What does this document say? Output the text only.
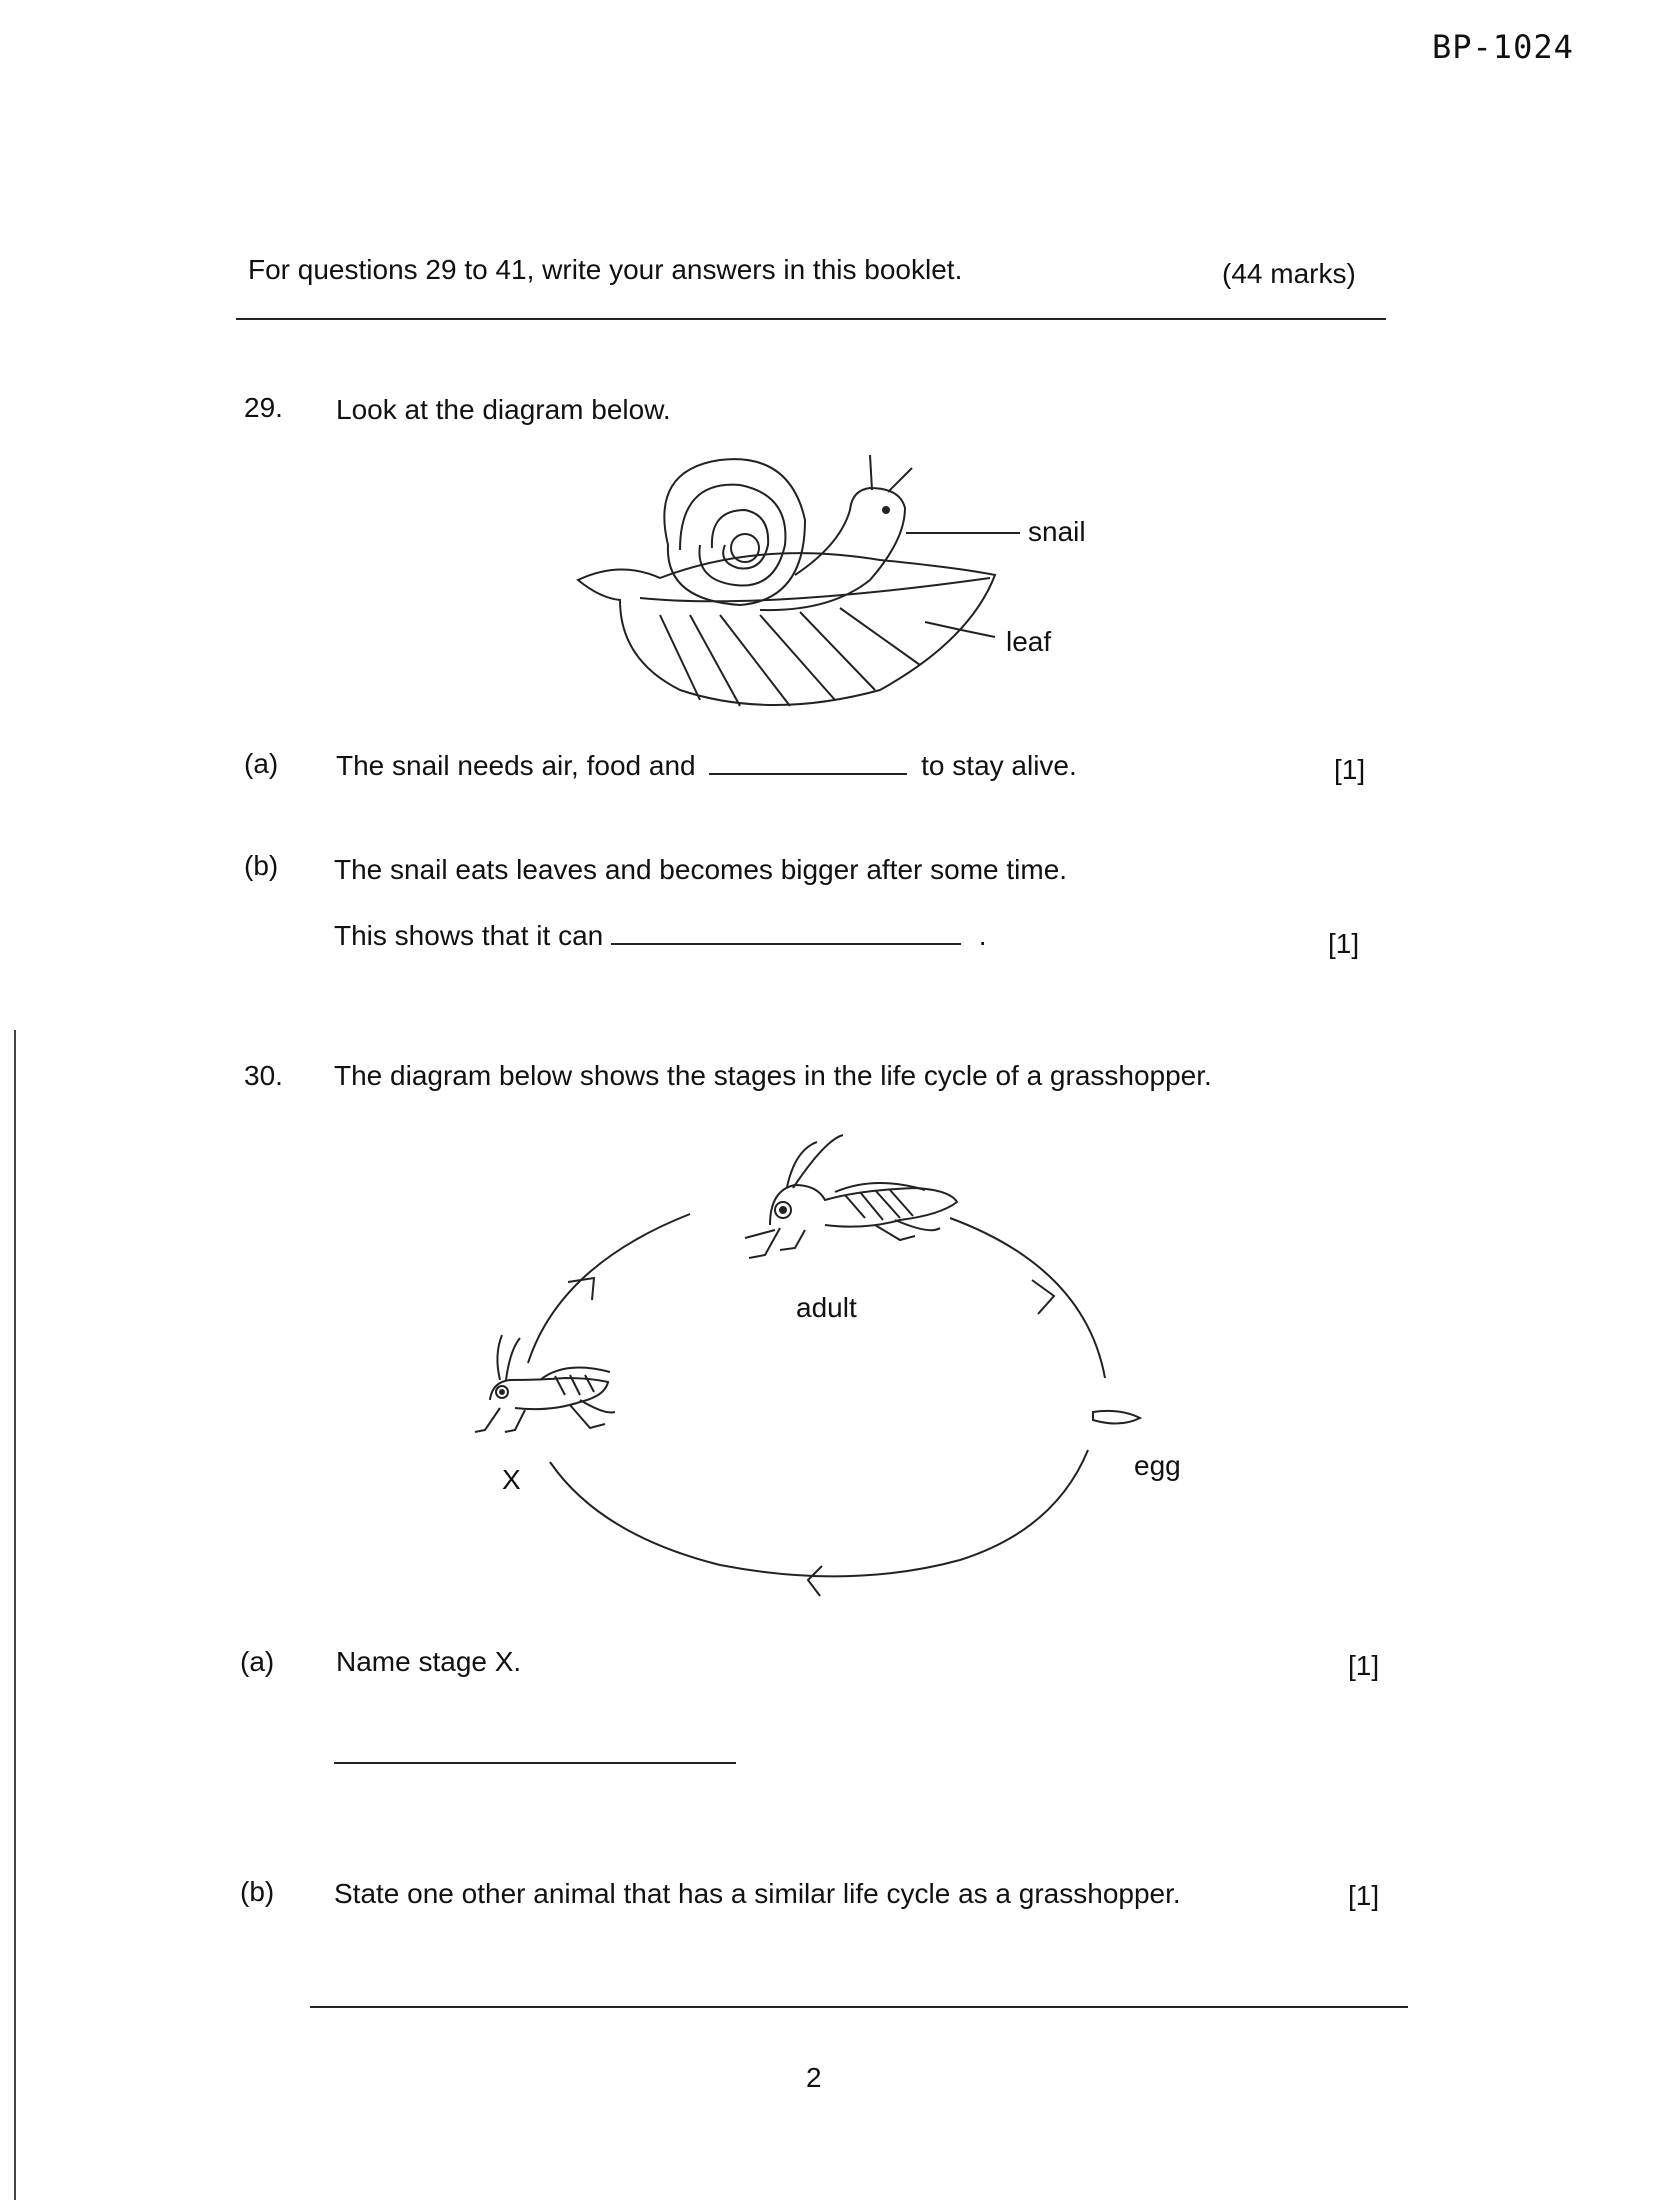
BP-1024
For questions 29 to 41, write your answers in this booklet.	(44 marks)
29. Look at the diagram below.
snail
leaf
(a) The snail needs air, food and	to stay alive.	[1]
(b) The snail eats leaves and becomes bigger after some time.
This shows that it can	.	[1]
30. The diagram below shows the stages in the life cycle of a grasshopper.
adult
egg
X
(a) Name stage X.	[1]
(b) State one other animal that has a similar life cycle as a grasshopper.	[1]
2
